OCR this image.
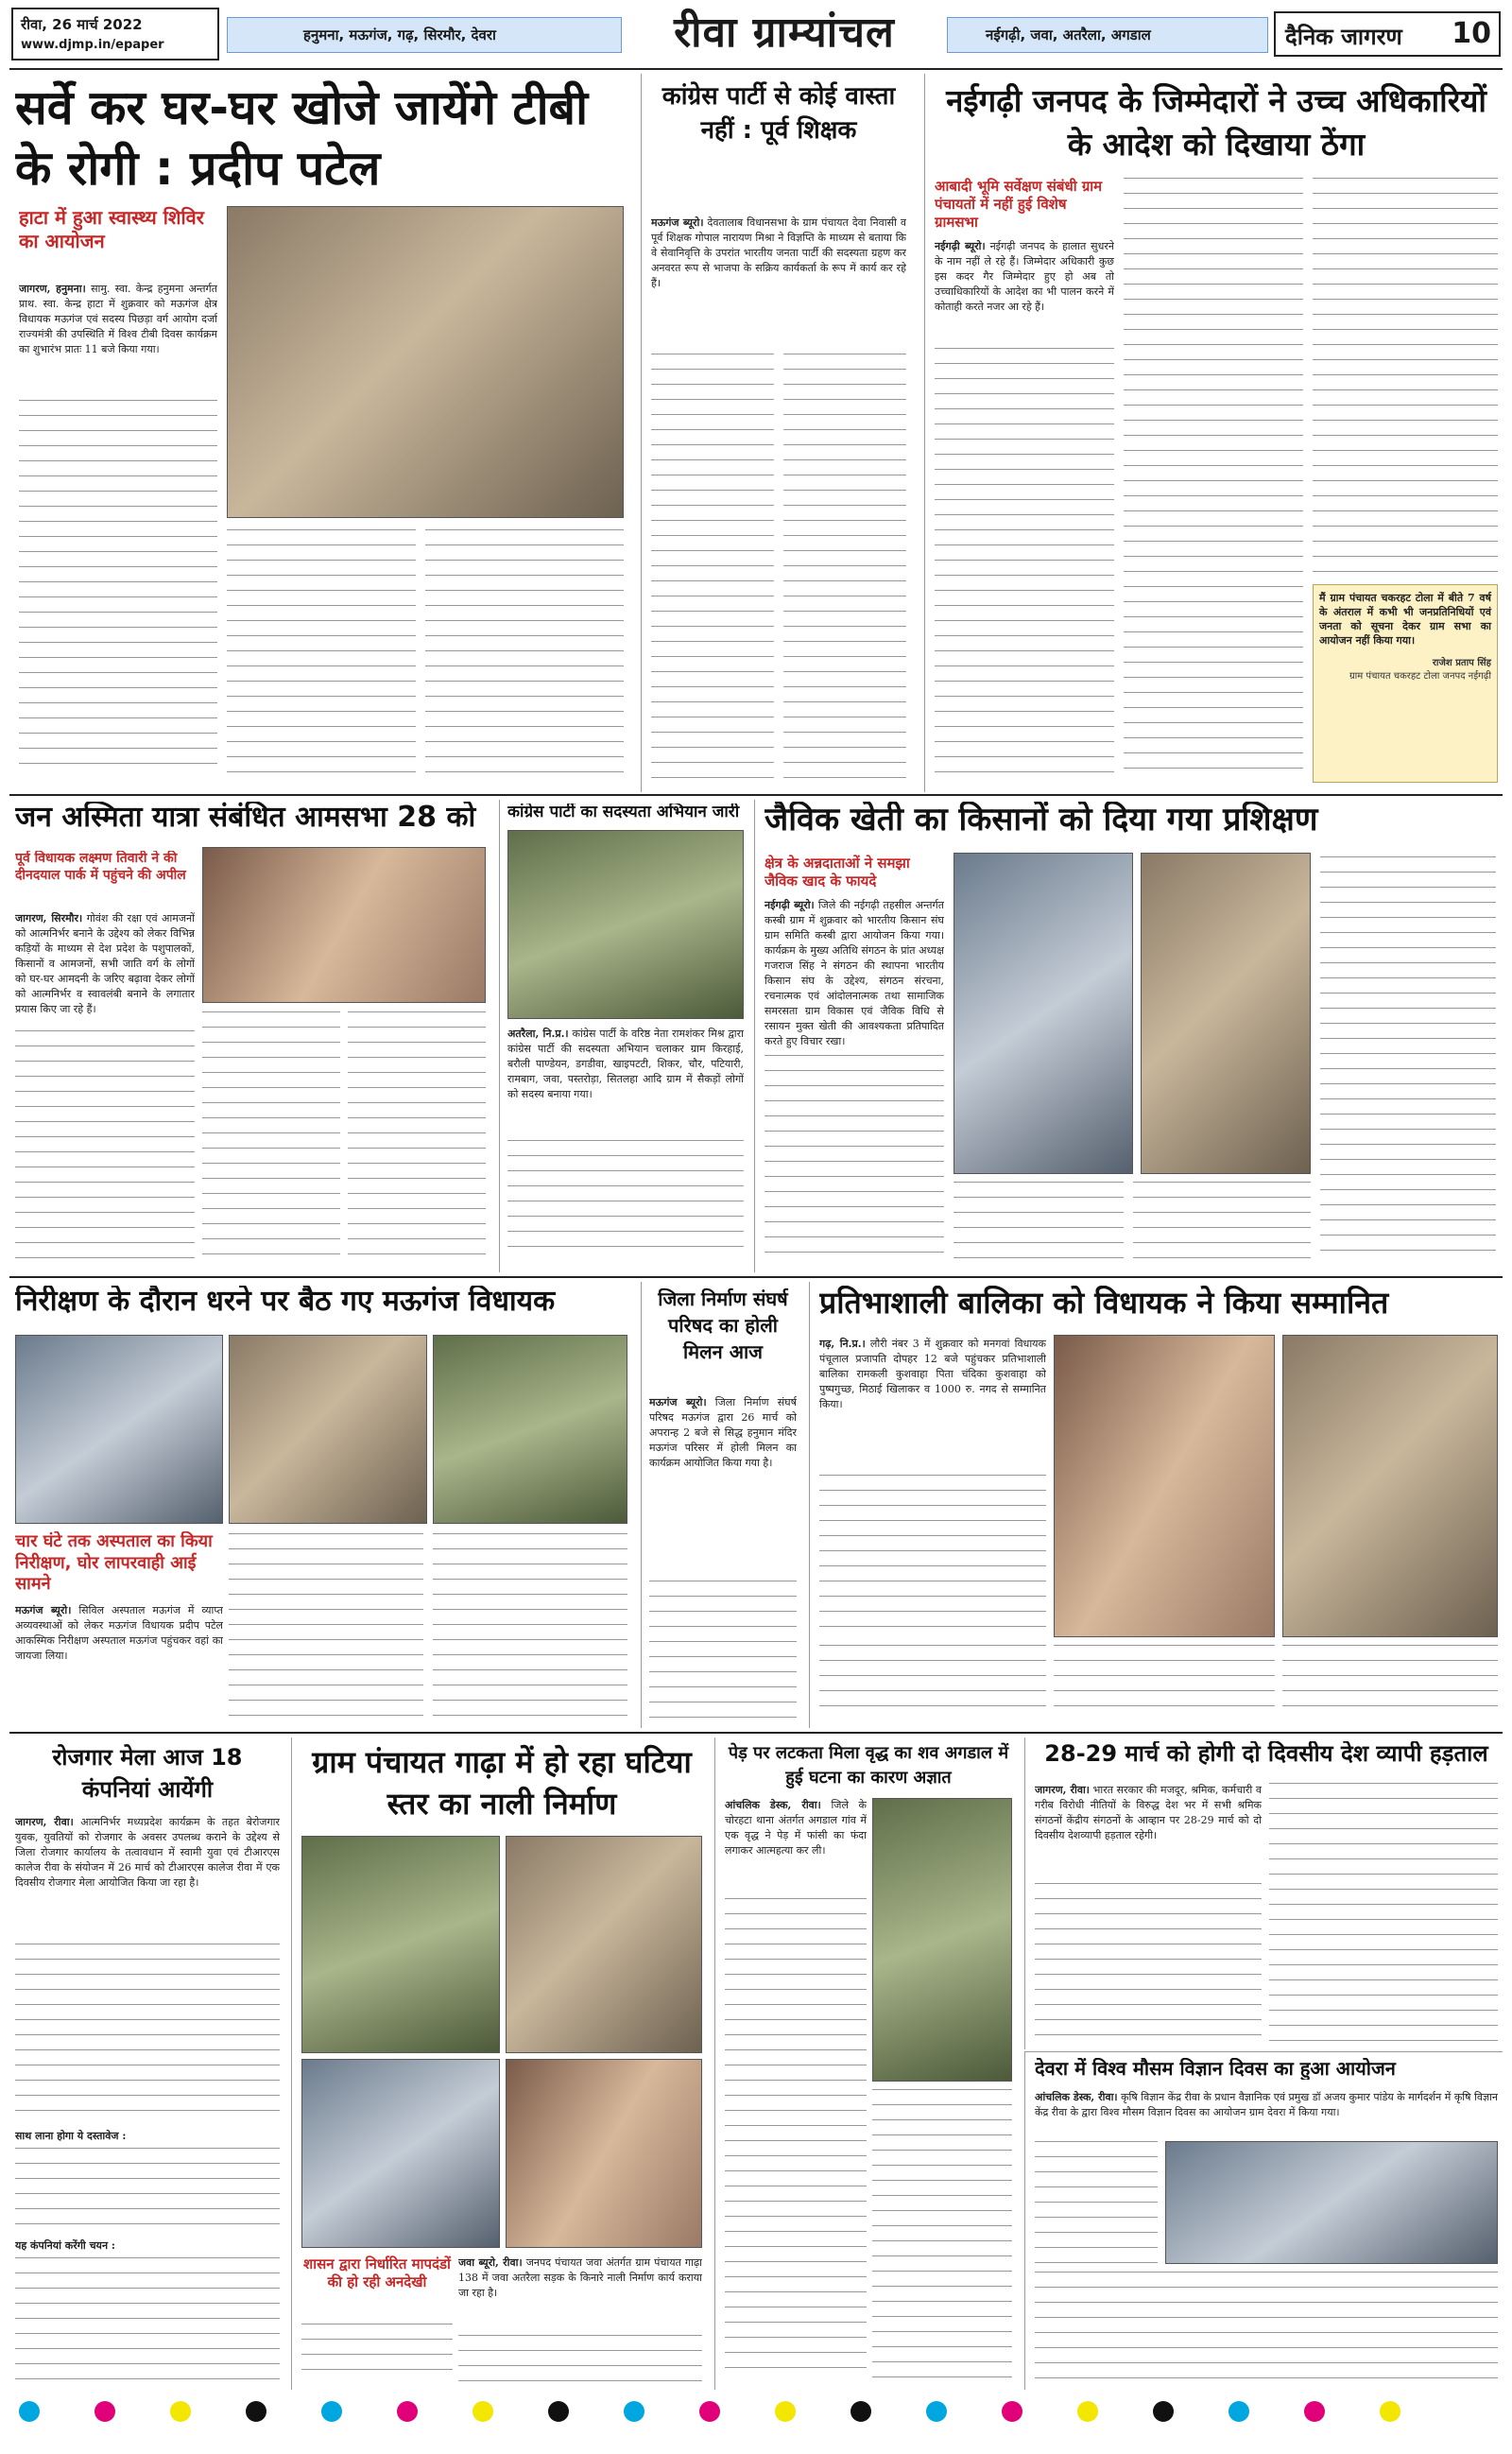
रीवा, 26 मार्च 2022
www.djmp.in/epaper
हनुमना, मऊगंज, गढ़, सिरमौर, देवरा	रीवा ग्राम्यांचल	नईगढ़ी, जवा, अतरैला, अगडाल	दैनिक जागरण 10
सर्वे कर घर-घर खोजे जायेंगे टीबी के रोगी : प्रदीप पटेल
हाटा में हुआ स्वास्थ्य शिविर का आयोजन
जागरण, हनुमना। सामु. स्वा. केन्द्र हनुमना अन्तर्गत प्राथ. स्वा. केन्द्र हाटा में शुक्रवार को मऊगंज क्षेत्र विधायक मऊगंज एवं सदस्य पिछड़ा वर्ग आयोग दर्जा राज्यमंत्री की उपस्थिति में विश्व टीबी दिवस कार्यक्रम का शुभारंभ प्रातः 11 बजे किया गया।
कांग्रेस पार्टी से कोई वास्ता नहीं : पूर्व शिक्षक
मऊगंज ब्यूरो। देवतालाब विधानसभा के ग्राम पंचायत देवा निवासी व पूर्व शिक्षक गोपाल नारायण मिश्रा ने विज्ञप्ति के माध्यम से बताया कि वे सेवानिवृत्ति के उपरांत भारतीय जनता पार्टी की सदस्यता ग्रहण कर अनवरत रूप से भाजपा के सक्रिय कार्यकर्ता के रूप में कार्य कर रहे हैं।
नईगढ़ी जनपद के जिम्मेदारों ने उच्च अधिकारियों के आदेश को दिखाया ठेंगा
आबादी भूमि सर्वेक्षण संबंधी ग्राम पंचायतों में नहीं हुई विशेष ग्रामसभा
नईगढ़ी ब्यूरो। नईगढ़ी जनपद के हालात सुधरने के नाम नहीं ले रहे हैं। जिम्मेदार अधिकारी कुछ इस कदर गैर जिम्मेदार हुए हो अब तो उच्चाधिकारियों के आदेश का भी पालन करने में कोताही करते नजर आ रहे हैं।
मैं ग्राम पंचायत चकरहट टोला में बीते 7 वर्ष के अंतराल में कभी भी जनप्रतिनिधियों एवं जनता को सूचना देकर ग्राम सभा का आयोजन नहीं किया गया।
राजेश प्रताप सिंह
ग्राम पंचायत चकरहट टोला जनपद नईगढ़ी
जन अस्मिता यात्रा संबंधित आमसभा 28 को
पूर्व विधायक लक्ष्मण तिवारी ने की दीनदयाल पार्क में पहुंचने की अपील
जागरण, सिरमौर। गोवंश की रक्षा एवं आमजनों को आत्मनिर्भर बनाने के उद्देश्य को लेकर विभिन्न कड़ियों के माध्यम से देश प्रदेश के पशुपालकों, किसानों व आमजनों, सभी जाति वर्ग के लोगों को घर-घर आमदनी के जरिए बढ़ावा देकर लोगों को आत्मनिर्भर व स्वावलंबी बनाने के लगातार प्रयास किए जा रहे हैं।
कांग्रेस पार्टी का सदस्यता अभियान जारी
अतरैला, नि.प्र.। कांग्रेस पार्टी के वरिष्ठ नेता रामशंकर मिश्र द्वारा कांग्रेस पार्टी की सदस्यता अभियान चलाकर ग्राम किरहाई, बरौली पाण्डेयन, डगडीवा, खाइपटटी, शिकर, चौर, पटियारी, रामबाग, जवा, पस्तरोड़ा, सितलहा आदि ग्राम में सैकड़ों लोगों को सदस्य बनाया गया।
जैविक खेती का किसानों को दिया गया प्रशिक्षण
क्षेत्र के अन्नदाताओं ने समझा जैविक खाद के फायदे
नईगढ़ी ब्यूरो। जिले की नईगढ़ी तहसील अन्तर्गत कस्बी ग्राम में शुक्रवार को भारतीय किसान संघ ग्राम समिति कस्बी द्वारा आयोजन किया गया। कार्यक्रम के मुख्य अतिथि संगठन के प्रांत अध्यक्ष गजराज सिंह ने संगठन की स्थापना भारतीय किसान संघ के उद्देश्य, संगठन संरचना, रचनात्मक एवं आंदोलनात्मक तथा सामाजिक समरसता ग्राम विकास एवं जैविक विधि से रसायन मुक्त खेती की आवश्यकता प्रतिपादित करते हुए विचार रखा।
निरीक्षण के दौरान धरने पर बैठ गए मऊगंज विधायक
चार घंटे तक अस्पताल का किया निरीक्षण, घोर लापरवाही आई सामने
मऊगंज ब्यूरो। सिविल अस्पताल मऊगंज में व्याप्त अव्यवस्थाओं को लेकर मऊगंज विधायक प्रदीप पटेल आकस्मिक निरीक्षण अस्पताल मऊगंज पहुंचकर वहां का जायजा लिया।
जिला निर्माण संघर्ष परिषद का होली मिलन आज
मऊगंज ब्यूरो। जिला निर्माण संघर्ष परिषद मऊगंज द्वारा 26 मार्च को अपरान्ह 2 बजे से सिद्ध हनुमान मंदिर मऊगंज परिसर में होली मिलन का कार्यक्रम आयोजित किया गया है।
प्रतिभाशाली बालिका को विधायक ने किया सम्मानित
गढ़, नि.प्र.। लौरी नंबर 3 में शुक्रवार को मनगवां विधायक पंचूलाल प्रजापति दोपहर 12 बजे पहुंचकर प्रतिभाशाली बालिका रामकली कुशवाहा पिता चंदिका कुशवाहा को पुष्पगुच्छ, मिठाई खिलाकर व 1000 रु. नगद से सम्मानित किया।
रोजगार मेला आज 18 कंपनियां आयेंगी
जागरण, रीवा। आत्मनिर्भर मध्यप्रदेश कार्यक्रम के तहत बेरोजगार युवक, युवतियों को रोजगार के अवसर उपलब्ध कराने के उद्देश्य से जिला रोजगार कार्यालय के तत्वावधान में स्वामी युवा एवं टीआरएस कालेज रीवा के संयोजन में 26 मार्च को टीआरएस कालेज रीवा में एक दिवसीय रोजगार मेला आयोजित किया जा रहा है।
साथ लाना होगा ये दस्तावेज :
यह कंपनियां करेंगी चयन :
ग्राम पंचायत गाढ़ा में हो रहा घटिया स्तर का नाली निर्माण
शासन द्वारा निर्धारित मापदंडों की हो रही अनदेखी
जवा ब्यूरो, रीवा। जनपद पंचायत जवा अंतर्गत ग्राम पंचायत गाढ़ा 138 में जवा अतरैला सड़क के किनारे नाली निर्माण कार्य कराया जा रहा है।
पेड़ पर लटकता मिला वृद्ध का शव अगडाल में हुई घटना का कारण अज्ञात
आंचलिक डेस्क, रीवा। जिले के चोरहटा थाना अंतर्गत अगडाल गांव में एक वृद्ध ने पेड़ में फांसी का फंदा लगाकर आत्महत्या कर ली।
28-29 मार्च को होगी दो दिवसीय देश व्यापी हड़ताल
जागरण, रीवा। भारत सरकार की मजदूर, श्रमिक, कर्मचारी व गरीब विरोधी नीतियों के विरुद्ध देश भर में सभी श्रमिक संगठनों केंद्रीय संगठनों के आव्हान पर 28-29 मार्च को दो दिवसीय देशव्यापी हड़ताल रहेगी।
देवरा में विश्व मौसम विज्ञान दिवस का हुआ आयोजन
आंचलिक डेस्क, रीवा। कृषि विज्ञान केंद्र रीवा के प्रधान वैज्ञानिक एवं प्रमुख डॉ अजय कुमार पांडेय के मार्गदर्शन में कृषि विज्ञान केंद्र रीवा के द्वारा विश्व मौसम विज्ञान दिवस का आयोजन ग्राम देवरा में किया गया।
